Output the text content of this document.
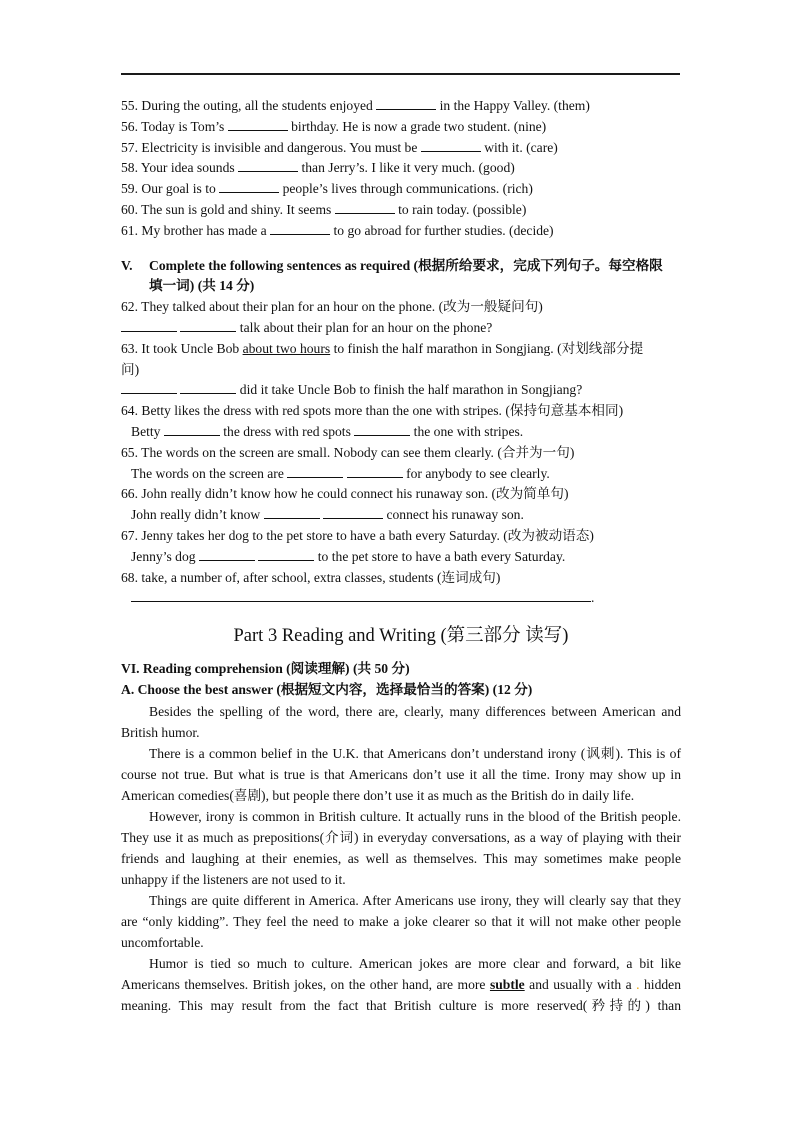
55. During the outing, all the students enjoyed	in the Happy Valley. (them)
56. Today is Tom’s	birthday. He is now a grade two student. (nine)
57. Electricity is invisible and dangerous. You must be	with it. (care)
58. Your idea sounds	than Jerry’s. I like it very much. (good)
59. Our goal is to	people’s lives through communications. (rich)
60. The sun is gold and shiny. It seems	to rain today. (possible)
61. My brother has made a	to go abroad for further studies. (decide)
V. Complete the following sentences as required (根据所给要求，完成下列句子。每空格限
填一词) (共 14 分)
62. They talked about their plan for an hour on the phone. (改为一般疑问句)
talk about their plan for an hour on the phone?
63. It took Uncle Bob about two hours to finish the half marathon in Songjiang. (对划线部分提
问)
did it take Uncle Bob to finish the half marathon in Songjiang?
64. Betty likes the dress with red spots more than the one with stripes. (保持句意基本相同)
Betty	the dress with red spots	the one with stripes.
65. The words on the screen are small. Nobody can see them clearly. (合并为一句)
The words on the screen are	for anybody to see clearly.
66. John really didn’t know how he could connect his runaway son. (改为简单句)
John really didn’t know	connect his runaway son.
67. Jenny takes her dog to the pet store to have a bath every Saturday. (改为被动语态)
Jenny’s dog	to the pet store to have a bath every Saturday.
68. take, a number of, after school, extra classes, students (连词成句)
.
Part 3 Reading and Writing (第三部分 读写)
VI. Reading comprehension (阅读理解) (共 50 分)
A. Choose the best answer (根据短文内容，选择最恰当的答案) (12 分)
Besides the spelling of the word, there are, clearly, many differences between American and British humor.
There is a common belief in the U.K. that Americans don’t understand irony (讽刺). This is of course not true. But what is true is that Americans don’t use it all the time. Irony may show up in American comedies(喜剧), but people there don’t use it as much as the British do in daily life.
However, irony is common in British culture. It actually runs in the blood of the British people. They use it as much as prepositions(介词) in everyday conversations, as a way of playing with their friends and laughing at their enemies, as well as themselves. This may sometimes make people unhappy if the listeners are not used to it.
Things are quite different in America. After Americans use irony, they will clearly say that they are “only kidding”. They feel the need to make a joke clearer so that it will not make other people uncomfortable.
Humor is tied so much to culture. American jokes are more clear and forward, a bit like Americans themselves. British jokes, on the other hand, are more subtle and usually with a . hidden meaning. This may result from the fact that British culture is more reserved(矜持的) than
